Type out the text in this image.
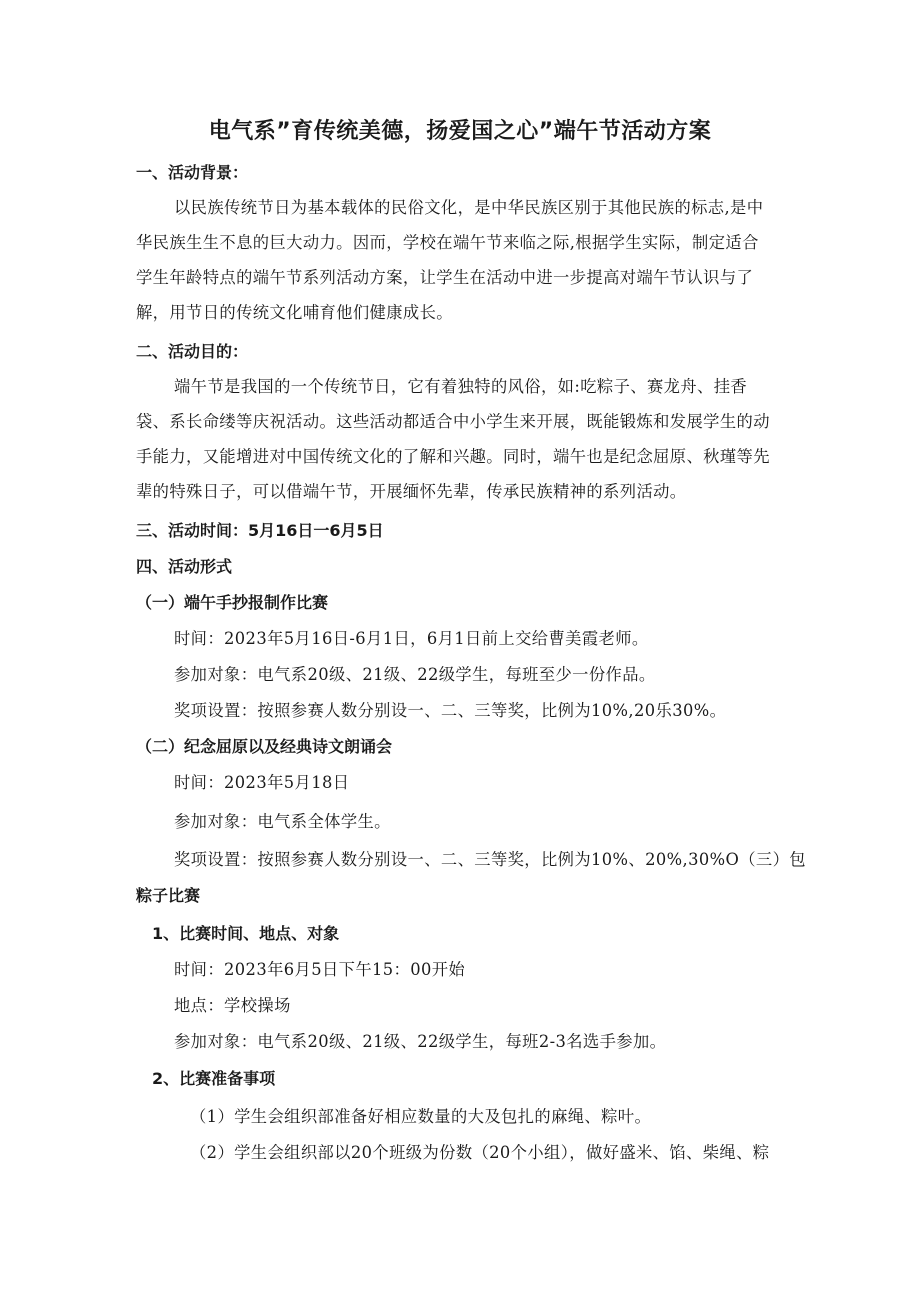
电气系”育传统美德，扬爱国之心”端午节活动方案
一、活动背景：
以民族传统节日为基本载体的民俗文化，是中华民族区别于其他民族的标志,是中
华民族生生不息的巨大动力。因而，学校在端午节来临之际,根据学生实际，制定适合
学生年龄特点的端午节系列活动方案，让学生在活动中进一步提高对端午节认识与了
解，用节日的传统文化哺育他们健康成长。
二、活动目的：
端午节是我国的一个传统节日，它有着独特的风俗，如:吃粽子、赛龙舟、挂香
袋、系长命缕等庆祝活动。这些活动都适合中小学生来开展，既能锻炼和发展学生的动
手能力，又能增进对中国传统文化的了解和兴趣。同时，端午也是纪念屈原、秋瑾等先
辈的特殊日子，可以借端午节，开展缅怀先辈，传承民族精神的系列活动。
三、活动时间：5月16日一6月5日
四、活动形式
（一）端午手抄报制作比赛
时间：2023年5月16日-6月1日，6月1日前上交给曹美霞老师。
参加对象：电气系20级、21级、22级学生，每班至少一份作品。
奖项设置：按照参赛人数分别设一、二、三等奖，比例为10%,20乐30%。
（二）纪念屈原以及经典诗文朗诵会
时间：2023年5月18日
参加对象：电气系全体学生。
奖项设置：按照参赛人数分别设一、二、三等奖，比例为10%、20%,30%O（三）包
粽子比赛
1、比赛时间、地点、对象
时间：2023年6月5日下午15：00开始
地点：学校操场
参加对象：电气系20级、21级、22级学生，每班2-3名选手参加。
2、比赛准备事项
（1）学生会组织部准备好相应数量的大及包扎的麻绳、粽叶。
（2）学生会组织部以20个班级为份数（20个小组），做好盛米、馅、柴绳、粽
